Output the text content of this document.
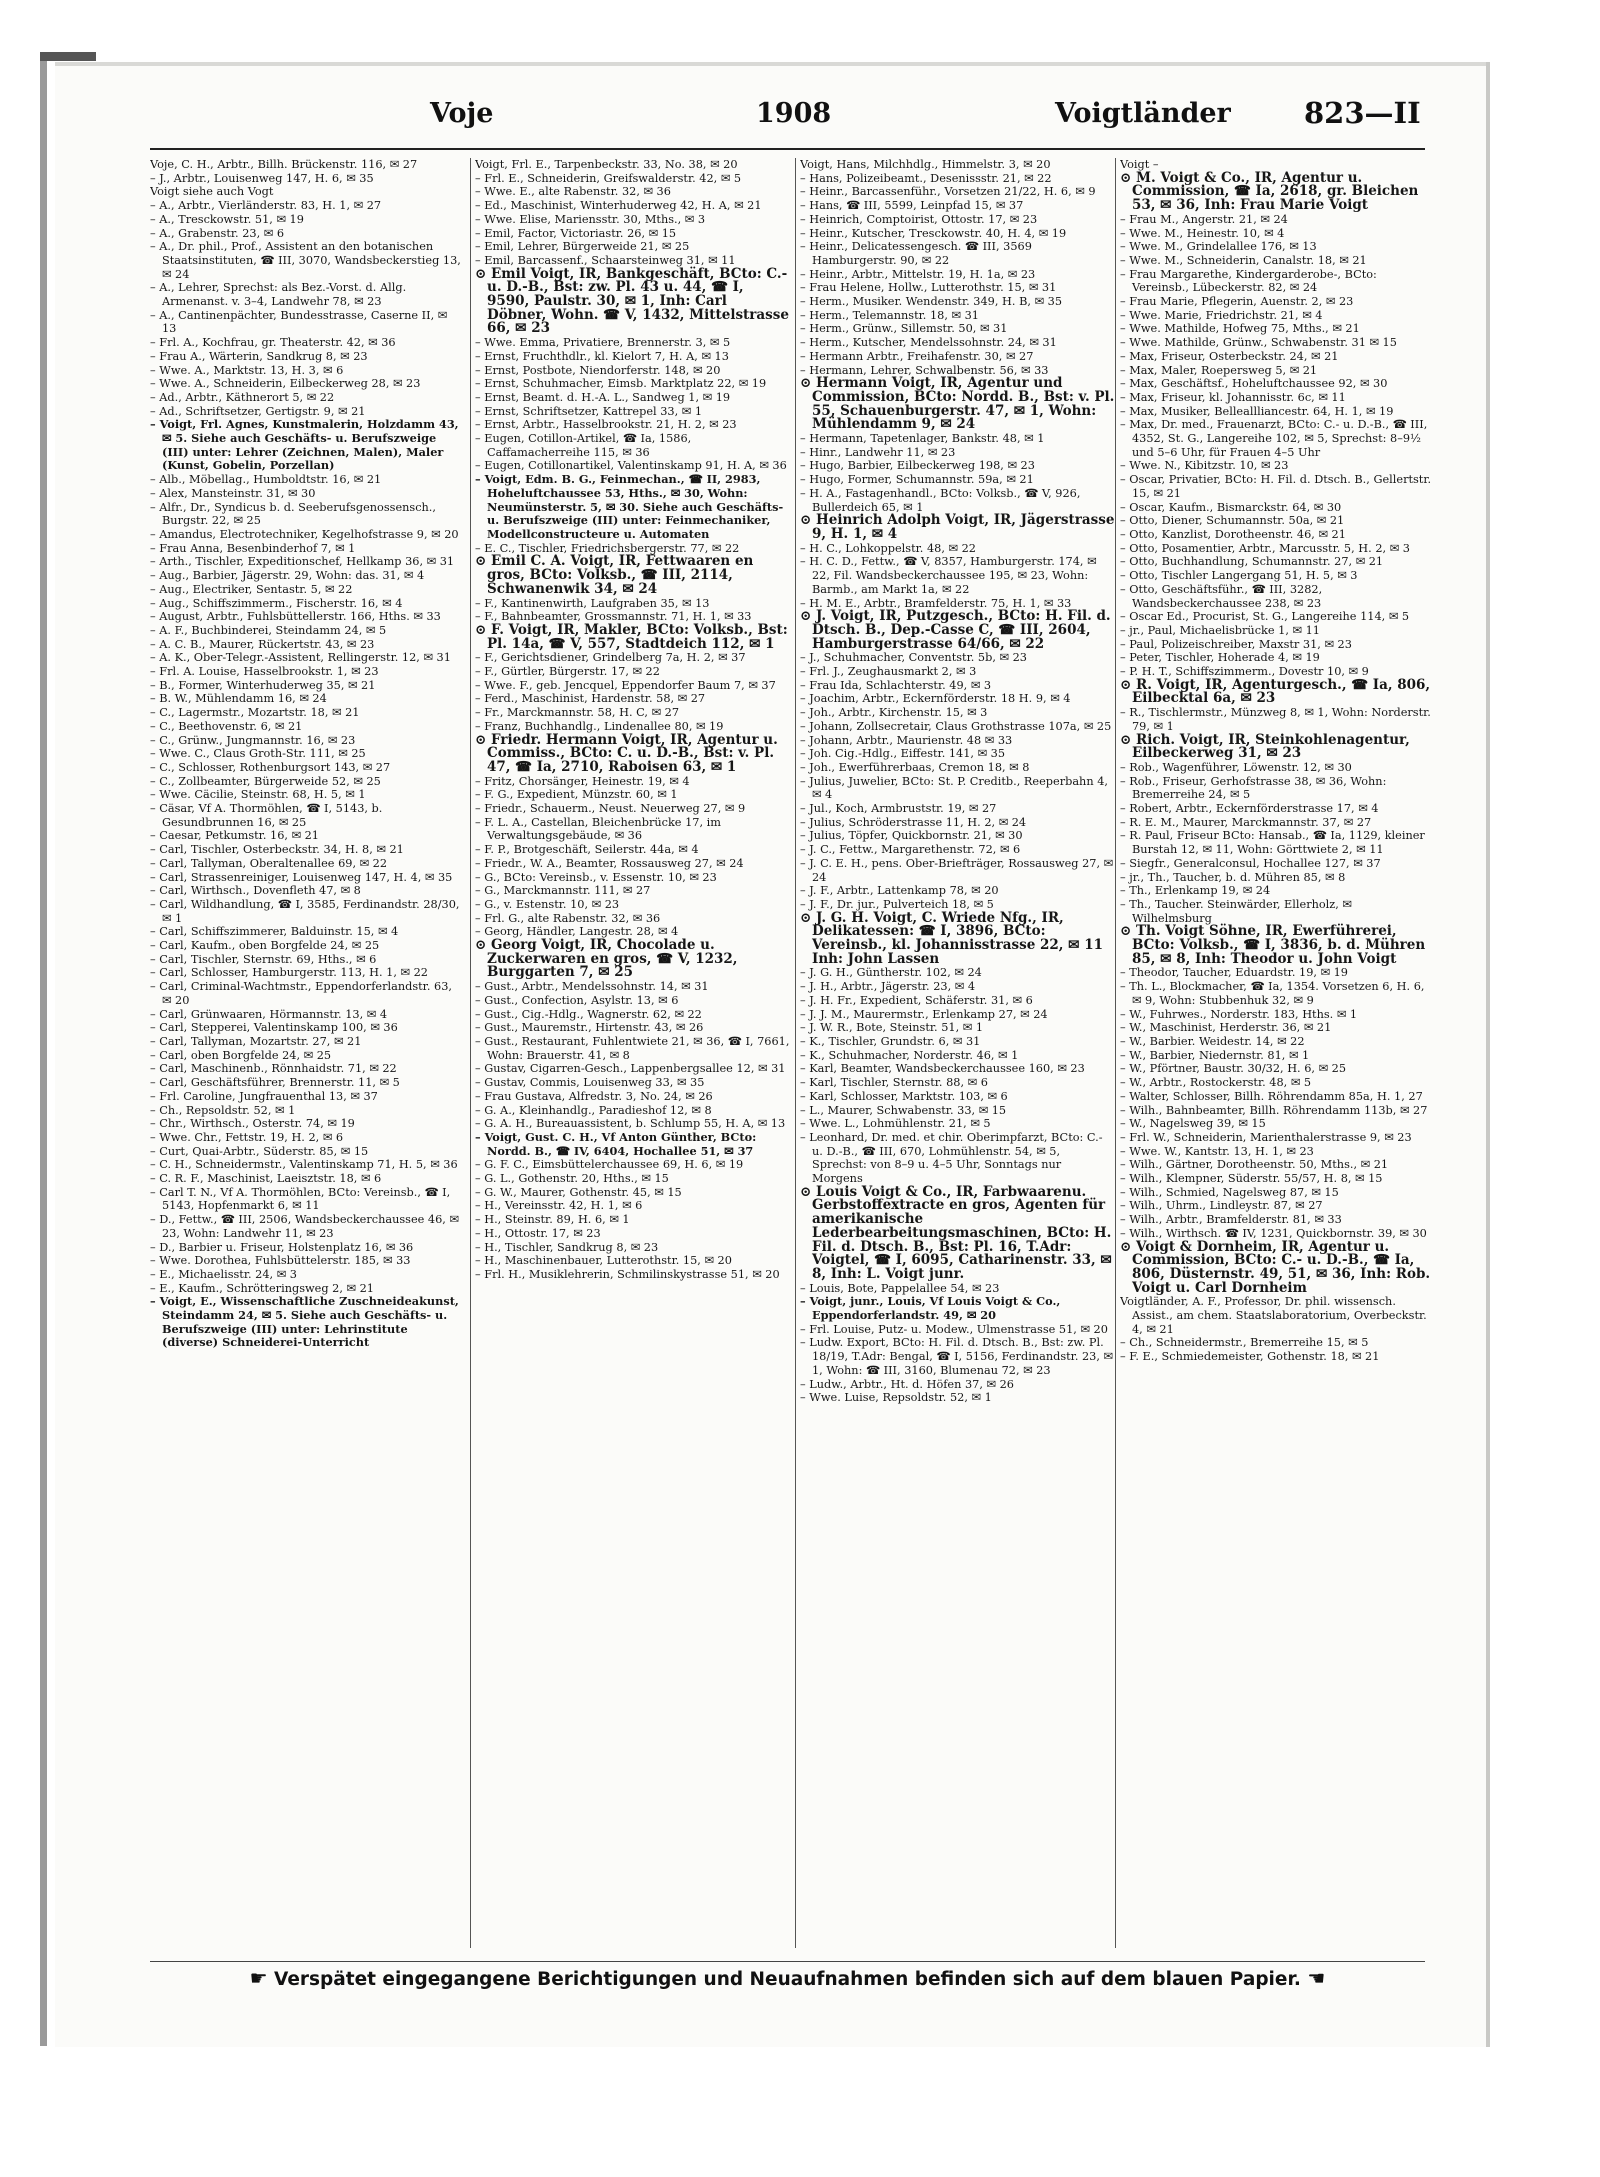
Voje	1908	Voigtländer	823—II

Voje, C. H., Arbtr., Billh. Brückenstr. 116, ✉ 27

– J., Arbtr., Louisenweg 147, H. 6, ✉ 35

Voigt siehe auch Vogt

– A., Arbtr., Vierländerstr. 83, H. 1, ✉ 27

– A., Tresckowstr. 51, ✉ 19

– A., Grabenstr. 23, ✉ 6

– A., Dr. phil., Prof., Assistent an den botanischen Staatsinstituten, ☎ III, 3070, Wandsbeckerstieg 13, ✉ 24

– A., Lehrer, Sprechst: als Bez.-Vorst. d. Allg. Armenanst. v. 3–4, Landwehr 78, ✉ 23

– A., Cantinenpächter, Bundesstrasse, Caserne II, ✉ 13

– Frl. A., Kochfrau, gr. Theaterstr. 42, ✉ 36

– Frau A., Wärterin, Sandkrug 8, ✉ 23

– Wwe. A., Marktstr. 13, H. 3, ✉ 6

– Wwe. A., Schneiderin, Eilbeckerweg 28, ✉ 23

– Ad., Arbtr., Käthnerort 5, ✉ 22

– Ad., Schriftsetzer, Gertigstr. 9, ✉ 21

– Voigt, Frl. Agnes, Kunstmalerin, Holzdamm 43, ✉ 5. Siehe auch Geschäfts- u. Berufszweige (III) unter: Lehrer (Zeichnen, Malen), Maler (Kunst, Gobelin, Porzellan)

– Alb., Möbellag., Humboldtstr. 16, ✉ 21

– Alex, Mansteinstr. 31, ✉ 30

– Alfr., Dr., Syndicus b. d. Seeberufsgenossensch., Burgstr. 22, ✉ 25

– Amandus, Electrotechniker, Kegelhofstrasse 9, ✉ 20

– Frau Anna, Besenbinderhof 7, ✉ 1

– Arth., Tischler, Expeditionschef, Hellkamp 36, ✉ 31

– Aug., Barbier, Jägerstr. 29, Wohn: das. 31, ✉ 4

– Aug., Electriker, Sentastr. 5, ✉ 22

– Aug., Schiffszimmerm., Fischerstr. 16, ✉ 4

– August, Arbtr., Fuhlsbüttellerstr. 166, Hths. ✉ 33

– A. F., Buchbinderei, Steindamm 24, ✉ 5

– A. C. B., Maurer, Rückertstr. 43, ✉ 23

– A. K., Ober-Telegr.-Assistent, Rellingerstr. 12, ✉ 31

– Frl. A. Louise, Hasselbrookstr. 1, ✉ 23

– B., Former, Winterhuderweg 35, ✉ 21

– B. W., Mühlendamm 16, ✉ 24

– C., Lagermstr., Mozartstr. 18, ✉ 21

– C., Beethovenstr. 6, ✉ 21

– C., Grünw., Jungmannstr. 16, ✉ 23

– Wwe. C., Claus Groth-Str. 111, ✉ 25

– C., Schlosser, Rothenburgsort 143, ✉ 27

– C., Zollbeamter, Bürgerweide 52, ✉ 25

– Wwe. Cäcilie, Steinstr. 68, H. 5, ✉ 1

– Cäsar, Vf A. Thormöhlen, ☎ I, 5143, b. Gesundbrunnen 16, ✉ 25

– Caesar, Petkumstr. 16, ✉ 21

– Carl, Tischler, Osterbeckstr. 34, H. 8, ✉ 21

– Carl, Tallyman, Oberaltenallee 69, ✉ 22

– Carl, Strassenreiniger, Louisenweg 147, H. 4, ✉ 35

– Carl, Wirthsch., Dovenfleth 47, ✉ 8

– Carl, Wildhandlung, ☎ I, 3585, Ferdinandstr. 28/30, ✉ 1

– Carl, Schiffszimmerer, Balduinstr. 15, ✉ 4

– Carl, Kaufm., oben Borgfelde 24, ✉ 25

– Carl, Tischler, Sternstr. 69, Hths., ✉ 6

– Carl, Schlosser, Hamburgerstr. 113, H. 1, ✉ 22

– Carl, Criminal-Wachtmstr., Eppendorferlandstr. 63, ✉ 20

– Carl, Grünwaaren, Hörmannstr. 13, ✉ 4

– Carl, Stepperei, Valentinskamp 100, ✉ 36

– Carl, Tallyman, Mozartstr. 27, ✉ 21

– Carl, oben Borgfelde 24, ✉ 25

– Carl, Maschinenb., Rönnhaidstr. 71, ✉ 22

– Carl, Geschäftsführer, Brennerstr. 11, ✉ 5

– Frl. Caroline, Jungfrauenthal 13, ✉ 37

– Ch., Repsoldstr. 52, ✉ 1

– Chr., Wirthsch., Osterstr. 74, ✉ 19

– Wwe. Chr., Fettstr. 19, H. 2, ✉ 6

– Curt, Quai-Arbtr., Süderstr. 85, ✉ 15

– C. H., Schneidermstr., Valentinskamp 71, H. 5, ✉ 36

– C. R. F., Maschinist, Laeisztstr. 18, ✉ 6

– Carl T. N., Vf A. Thormöhlen, BCto: Vereinsb., ☎ I, 5143, Hopfenmarkt 6, ✉ 11

– D., Fettw., ☎ III, 2506, Wandsbeckerchaussee 46, ✉ 23, Wohn: Landwehr 11, ✉ 23

– D., Barbier u. Friseur, Holstenplatz 16, ✉ 36

– Wwe. Dorothea, Fuhlsbüttelerstr. 185, ✉ 33

– E., Michaelisstr. 24, ✉ 3

– E., Kaufm., Schrötteringsweg 2, ✉ 21

– Voigt, E., Wissenschaftliche Zuschneideakunst, Steindamm 24, ✉ 5. Siehe auch Geschäfts- u. Berufszweige (III) unter: Lehrinstitute (diverse) Schneiderei-Unterricht

Voigt, Frl. E., Tarpenbeckstr. 33, No. 38, ✉ 20

– Frl. E., Schneiderin, Greifswalderstr. 42, ✉ 5

– Wwe. E., alte Rabenstr. 32, ✉ 36

– Ed., Maschinist, Winterhuderweg 42, H. A, ✉ 21

– Wwe. Elise, Mariensstr. 30, Mths., ✉ 3

– Emil, Factor, Victoriastr. 26, ✉ 15

– Emil, Lehrer, Bürgerweide 21, ✉ 25

– Emil, Barcassenf., Schaarsteinweg 31, ✉ 11

⊙ Emil Voigt, IR, Bankgeschäft, BCto: C.- u. D.-B., Bst: zw. Pl. 43 u. 44, ☎ I, 9590, Paulstr. 30, ✉ 1, Inh: Carl Döbner, Wohn. ☎ V, 1432, Mittelstrasse 66, ✉ 23

– Wwe. Emma, Privatiere, Brennerstr. 3, ✉ 5

– Ernst, Fruchthdlr., kl. Kielort 7, H. A, ✉ 13

– Ernst, Postbote, Niendorferstr. 148, ✉ 20

– Ernst, Schuhmacher, Eimsb. Marktplatz 22, ✉ 19

– Ernst, Beamt. d. H.-A. L., Sandweg 1, ✉ 19

– Ernst, Schriftsetzer, Kattrepel 33, ✉ 1

– Ernst, Arbtr., Hasselbrookstr. 21, H. 2, ✉ 23

– Eugen, Cotillon-Artikel, ☎ Ia, 1586, Caffamacherreihe 115, ✉ 36

– Eugen, Cotillonartikel, Valentinskamp 91, H. A, ✉ 36

– Voigt, Edm. B. G., Feinmechan., ☎ II, 2983, Hoheluftchaussee 53, Hths., ✉ 30, Wohn: Neumünsterstr. 5, ✉ 30. Siehe auch Geschäfts- u. Berufszweige (III) unter: Feinmechaniker, Modellconstructeure u. Automaten

– E. C., Tischler, Friedrichsbergerstr. 77, ✉ 22

⊙ Emil C. A. Voigt, IR, Fettwaaren en gros, BCto: Volksb., ☎ III, 2114, Schwanenwik 34, ✉ 24

– F., Kantinenwirth, Laufgraben 35, ✉ 13

– F., Bahnbeamter, Grossmannstr. 71, H. 1, ✉ 33

⊙ F. Voigt, IR, Makler, BCto: Volksb., Bst: Pl. 14a, ☎ V, 557, Stadtdeich 112, ✉ 1

– F., Gerichtsdiener, Grindelberg 7a, H. 2, ✉ 37

– F., Gürtler, Bürgerstr. 17, ✉ 22

– Wwe. F., geb. Jencquel, Eppendorfer Baum 7, ✉ 37

– Ferd., Maschinist, Hardenstr. 58, ✉ 27

– Fr., Marckmannstr. 58, H. C, ✉ 27

– Franz, Buchhandlg., Lindenallee 80, ✉ 19

⊙ Friedr. Hermann Voigt, IR, Agentur u. Commiss., BCto: C. u. D.-B., Bst: v. Pl. 47, ☎ Ia, 2710, Raboisen 63, ✉ 1

– Fritz, Chorsänger, Heinestr. 19, ✉ 4

– F. G., Expedient, Münzstr. 60, ✉ 1

– Friedr., Schauerm., Neust. Neuerweg 27, ✉ 9

– F. L. A., Castellan, Bleichenbrücke 17, im Verwaltungsgebäude, ✉ 36

– F. P., Brotgeschäft, Seilerstr. 44a, ✉ 4

– Friedr., W. A., Beamter, Rossausweg 27, ✉ 24

– G., BCto: Vereinsb., v. Essenstr. 10, ✉ 23

– G., Marckmannstr. 111, ✉ 27

– G., v. Estenstr. 10, ✉ 23

– Frl. G., alte Rabenstr. 32, ✉ 36

– Georg, Händler, Langestr. 28, ✉ 4

⊙ Georg Voigt, IR, Chocolade u. Zuckerwaren en gros, ☎ V, 1232, Burggarten 7, ✉ 25

– Gust., Arbtr., Mendelssohnstr. 14, ✉ 31

– Gust., Confection, Asylstr. 13, ✉ 6

– Gust., Cig.-Hdlg., Wagnerstr. 62, ✉ 22

– Gust., Mauremstr., Hirtenstr. 43, ✉ 26

– Gust., Restaurant, Fuhlentwiete 21, ✉ 36, ☎ I, 7661, Wohn: Brauerstr. 41, ✉ 8

– Gustav, Cigarren-Gesch., Lappenbergsallee 12, ✉ 31

– Gustav, Commis, Louisenweg 33, ✉ 35

– Frau Gustava, Alfredstr. 3, No. 24, ✉ 26

– G. A., Kleinhandlg., Paradieshof 12, ✉ 8

– G. A. H., Bureauassistent, b. Schlump 55, H. A, ✉ 13

– Voigt, Gust. C. H., Vf Anton Günther, BCto: Nordd. B., ☎ IV, 6404, Hochallee 51, ✉ 37

– G. F. C., Eimsbüttelerchaussee 69, H. 6, ✉ 19

– G. L., Gothenstr. 20, Hths., ✉ 15

– G. W., Maurer, Gothenstr. 45, ✉ 15

– H., Vereinsstr. 42, H. 1, ✉ 6

– H., Steinstr. 89, H. 6, ✉ 1

– H., Ottostr. 17, ✉ 23

– H., Tischler, Sandkrug 8, ✉ 23

– H., Maschinenbauer, Lutterothstr. 15, ✉ 20

– Frl. H., Musiklehrerin, Schmilinskystrasse 51, ✉ 20

Voigt, Hans, Milchhdlg., Himmelstr. 3, ✉ 20

– Hans, Polizeibeamt., Desenissstr. 21, ✉ 22

– Heinr., Barcassenführ., Vorsetzen 21/22, H. 6, ✉ 9

– Hans, ☎ III, 5599, Leinpfad 15, ✉ 37

– Heinrich, Comptoirist, Ottostr. 17, ✉ 23

– Heinr., Kutscher, Tresckowstr. 40, H. 4, ✉ 19

– Heinr., Delicatessengesch. ☎ III, 3569 Hamburgerstr. 90, ✉ 22

– Heinr., Arbtr., Mittelstr. 19, H. 1a, ✉ 23

– Frau Helene, Hollw., Lutterothstr. 15, ✉ 31

– Herm., Musiker. Wendenstr. 349, H. B, ✉ 35

– Herm., Telemannstr. 18, ✉ 31

– Herm., Grünw., Sillemstr. 50, ✉ 31

– Herm., Kutscher, Mendelssohnstr. 24, ✉ 31

– Hermann Arbtr., Freihafenstr. 30, ✉ 27

– Hermann, Lehrer, Schwalbenstr. 56, ✉ 33

⊙ Hermann Voigt, IR, Agentur und Commission, BCto: Nordd. B., Bst: v. Pl. 55, Schauenburgerstr. 47, ✉ 1, Wohn: Mühlendamm 9, ✉ 24

– Hermann, Tapetenlager, Bankstr. 48, ✉ 1

– Hinr., Landwehr 11, ✉ 23

– Hugo, Barbier, Eilbeckerweg 198, ✉ 23

– Hugo, Former, Schumannstr. 59a, ✉ 21

– H. A., Fastagenhandl., BCto: Volksb., ☎ V, 926, Bullerdeich 65, ✉ 1

⊙ Heinrich Adolph Voigt, IR, Jägerstrasse 9, H. 1, ✉ 4

– H. C., Lohkoppelstr. 48, ✉ 22

– H. C. D., Fettw., ☎ V, 8357, Hamburgerstr. 174, ✉ 22, Fil. Wandsbeckerchaussee 195, ✉ 23, Wohn: Barmb., am Markt 1a, ✉ 22

– H. M. E., Arbtr., Bramfelderstr. 75, H. 1, ✉ 33

⊙ J. Voigt, IR, Putzgesch., BCto: H. Fil. d. Dtsch. B., Dep.-Casse C, ☎ III, 2604, Hamburgerstrasse 64/66, ✉ 22

– J., Schuhmacher, Conventstr. 5b, ✉ 23

– Frl. J., Zeughausmarkt 2, ✉ 3

– Frau Ida, Schlachterstr. 49, ✉ 3

– Joachim, Arbtr., Eckernförderstr. 18 H. 9, ✉ 4

– Joh., Arbtr., Kirchenstr. 15, ✉ 3

– Johann, Zollsecretair, Claus Grothstrasse 107a, ✉ 25

– Johann, Arbtr., Maurienstr. 48 ✉ 33

– Joh. Cig.-Hdlg., Eiffestr. 141, ✉ 35

– Joh., Ewerführerbaas, Cremon 18, ✉ 8

– Julius, Juwelier, BCto: St. P. Creditb., Reeperbahn 4, ✉ 4

– Jul., Koch, Armbruststr. 19, ✉ 27

– Julius, Schröderstrasse 11, H. 2, ✉ 24

– Julius, Töpfer, Quickbornstr. 21, ✉ 30

– J. C., Fettw., Margarethenstr. 72, ✉ 6

– J. C. E. H., pens. Ober-Briefträger, Rossausweg 27, ✉ 24

– J. F., Arbtr., Lattenkamp 78, ✉ 20

– J. F., Dr. jur., Pulverteich 18, ✉ 5

⊙ J. G. H. Voigt, C. Wriede Nfg., IR, Delikatessen: ☎ I, 3896, BCto: Vereinsb., kl. Johannisstrasse 22, ✉ 11 Inh: John Lassen

– J. G. H., Güntherstr. 102, ✉ 24

– J. H., Arbtr., Jägerstr. 23, ✉ 4

– J. H. Fr., Expedient, Schäferstr. 31, ✉ 6

– J. J. M., Maurermstr., Erlenkamp 27, ✉ 24

– J. W. R., Bote, Steinstr. 51, ✉ 1

– K., Tischler, Grundstr. 6, ✉ 31

– K., Schuhmacher, Norderstr. 46, ✉ 1

– Karl, Beamter, Wandsbeckerchaussee 160, ✉ 23

– Karl, Tischler, Sternstr. 88, ✉ 6

– Karl, Schlosser, Marktstr. 103, ✉ 6

– L., Maurer, Schwabenstr. 33, ✉ 15

– Wwe. L., Lohmühlenstr. 21, ✉ 5

– Leonhard, Dr. med. et chir. Oberimpfarzt, BCto: C.- u. D.-B., ☎ III, 670, Lohmühlenstr. 54, ✉ 5, Sprechst: von 8–9 u. 4–5 Uhr, Sonntags nur Morgens

⊙ Louis Voigt & Co., IR, Farbwaarenu. Gerbstoffextracte en gros, Agenten für amerikanische Lederbearbeitungsmaschinen, BCto: H. Fil. d. Dtsch. B., Bst: Pl. 16, T.Adr: Voigtel, ☎ I, 6095, Catharinenstr. 33, ✉ 8, Inh: L. Voigt junr.

– Louis, Bote, Pappelallee 54, ✉ 23

– Voigt, junr., Louis, Vf Louis Voigt & Co., Eppendorferlandstr. 49, ✉ 20

– Frl. Louise, Putz- u. Modew., Ulmenstrasse 51, ✉ 20

– Ludw. Export, BCto: H. Fil. d. Dtsch. B., Bst: zw. Pl. 18/19, T.Adr: Bengal, ☎ I, 5156, Ferdinandstr. 23, ✉ 1, Wohn: ☎ III, 3160, Blumenau 72, ✉ 23

– Ludw., Arbtr., Ht. d. Höfen 37, ✉ 26

– Wwe. Luise, Repsoldstr. 52, ✉ 1

Voigt –

⊙ M. Voigt & Co., IR, Agentur u. Commission, ☎ Ia, 2618, gr. Bleichen 53, ✉ 36, Inh: Frau Marie Voigt

– Frau M., Angerstr. 21, ✉ 24

– Wwe. M., Heinestr. 10, ✉ 4

– Wwe. M., Grindelallee 176, ✉ 13

– Wwe. M., Schneiderin, Canalstr. 18, ✉ 21

– Frau Margarethe, Kindergarderobe-, BCto: Vereinsb., Lübeckerstr. 82, ✉ 24

– Frau Marie, Pflegerin, Auenstr. 2, ✉ 23

– Wwe. Marie, Friedrichstr. 21, ✉ 4

– Wwe. Mathilde, Hofweg 75, Mths., ✉ 21

– Wwe. Mathilde, Grünw., Schwabenstr. 31 ✉ 15

– Max, Friseur, Osterbeckstr. 24, ✉ 21

– Max, Maler, Roepersweg 5, ✉ 21

– Max, Geschäftsf., Hoheluftchaussee 92, ✉ 30

– Max, Friseur, kl. Johannisstr. 6c, ✉ 11

– Max, Musiker, Belleallliancestr. 64, H. 1, ✉ 19

– Max, Dr. med., Frauenarzt, BCto: C.- u. D.-B., ☎ III, 4352, St. G., Langereihe 102, ✉ 5, Sprechst: 8–9½ und 5–6 Uhr, für Frauen 4–5 Uhr

– Wwe. N., Kibitzstr. 10, ✉ 23

– Oscar, Privatier, BCto: H. Fil. d. Dtsch. B., Gellertstr. 15, ✉ 21

– Oscar, Kaufm., Bismarckstr. 64, ✉ 30

– Otto, Diener, Schumannstr. 50a, ✉ 21

– Otto, Kanzlist, Dorotheenstr. 46, ✉ 21

– Otto, Posamentier, Arbtr., Marcusstr. 5, H. 2, ✉ 3

– Otto, Buchhandlung, Schumannstr. 27, ✉ 21

– Otto, Tischler Langergang 51, H. 5, ✉ 3

– Otto, Geschäftsführ., ☎ III, 3282, Wandsbeckerchaussee 238, ✉ 23

– Oscar Ed., Procurist, St. G., Langereihe 114, ✉ 5

– jr., Paul, Michaelisbrücke 1, ✉ 11

– Paul, Polizeischreiber, Maxstr 31, ✉ 23

– Peter, Tischler, Hoherade 4, ✉ 19

– P. H. T., Schiffszimmerm., Dovestr 10, ✉ 9

⊙ R. Voigt, IR, Agenturgesch., ☎ Ia, 806, Eilbecktal 6a, ✉ 23

– R., Tischlermstr., Münzweg 8, ✉ 1, Wohn: Norderstr. 79, ✉ 1

⊙ Rich. Voigt, IR, Steinkohlenagentur, Eilbeckerweg 31, ✉ 23

– Rob., Wagenführer, Löwenstr. 12, ✉ 30

– Rob., Friseur, Gerhofstrasse 38, ✉ 36, Wohn: Bremerreihe 24, ✉ 5

– Robert, Arbtr., Eckernförderstrasse 17, ✉ 4

– R. E. M., Maurer, Marckmannstr. 37, ✉ 27

– R. Paul, Friseur BCto: Hansab., ☎ Ia, 1129, kleiner Burstah 12, ✉ 11, Wohn: Görttwiete 2, ✉ 11

– Siegfr., Generalconsul, Hochallee 127, ✉ 37

– jr., Th., Taucher, b. d. Mühren 85, ✉ 8

– Th., Erlenkamp 19, ✉ 24

– Th., Taucher. Steinwärder, Ellerholz, ✉ Wilhelmsburg

⊙ Th. Voigt Söhne, IR, Ewerführerei, BCto: Volksb., ☎ I, 3836, b. d. Mühren 85, ✉ 8, Inh: Theodor u. John Voigt

– Theodor, Taucher, Eduardstr. 19, ✉ 19

– Th. L., Blockmacher, ☎ Ia, 1354. Vorsetzen 6, H. 6, ✉ 9, Wohn: Stubbenhuk 32, ✉ 9

– W., Fuhrwes., Norderstr. 183, Hths. ✉ 1

– W., Maschinist, Herderstr. 36, ✉ 21

– W., Barbier. Weidestr. 14, ✉ 22

– W., Barbier, Niedernstr. 81, ✉ 1

– W., Pförtner, Baustr. 30/32, H. 6, ✉ 25

– W., Arbtr., Rostockerstr. 48, ✉ 5

– Walter, Schlosser, Billh. Röhrendamm 85a, H. 1, 27

– Wilh., Bahnbeamter, Billh. Röhrendamm 113b, ✉ 27

– W., Nagelsweg 39, ✉ 15

– Frl. W., Schneiderin, Marienthalerstrasse 9, ✉ 23

– Wwe. W., Kantstr. 13, H. 1, ✉ 23

– Wilh., Gärtner, Dorotheenstr. 50, Mths., ✉ 21

– Wilh., Klempner, Süderstr. 55/57, H. 8, ✉ 15

– Wilh., Schmied, Nagelsweg 87, ✉ 15

– Wilh., Uhrm., Lindleystr. 87, ✉ 27

– Wilh., Arbtr., Bramfelderstr. 81, ✉ 33

– Wilh., Wirthsch. ☎ IV, 1231, Quickbornstr. 39, ✉ 30

⊙ Voigt & Dornheim, IR, Agentur u. Commission, BCto: C.- u. D.-B., ☎ Ia, 806, Düsternstr. 49, 51, ✉ 36, Inh: Rob. Voigt u. Carl Dornheim

Voigtländer, A. F., Professor, Dr. phil. wissensch. Assist., am chem. Staatslaboratorium, Overbeckstr. 4, ✉ 21

– Ch., Schneidermstr., Bremerreihe 15, ✉ 5

– F. E., Schmiedemeister, Gothenstr. 18, ✉ 21

☛ Verspätet eingegangene Berichtigungen und Neuaufnahmen befinden sich auf dem blauen Papier. ☚
